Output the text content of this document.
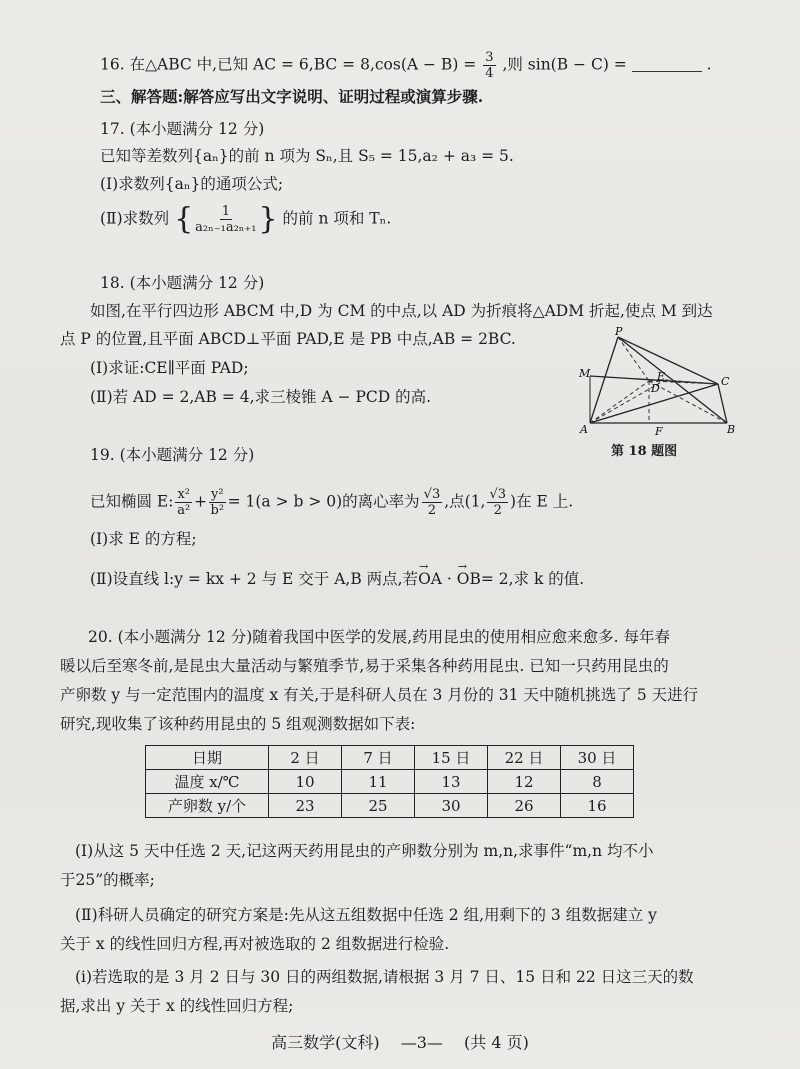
16. 在△ABC 中,已知 AC = $6,BC = 8,\cos(A - B) = \frac{3}{4}$ ,则 sin(B − C) =	.
三、解答题:解答应写出文字说明、证明过程或演算步骤.
17. (本小题满分 12 分)
已知等差数列{aₙ}的前 n 项为 Sₙ,且 S₅ = 15,a₂ + a₃ = 5.
(Ⅰ)求数列{aₙ}的通项公式;
(Ⅱ)求数列 { $\frac{1}{\text{a₂ₙ₋₁a₂ₙ₊₁}}$ } 的前 n 项和 Tₙ.
18. (本小题满分 12 分)
如图,在平行四边形 ABCM 中,D 为 CM 的中点,以 AD 为折痕将△ADM 折起,使点 M 到达
点 P 的位置,且平面 ABCD⊥平面 PAD,E 是 PB 中点,AB = 2BC.
(Ⅰ)求证:CE∥平面 PAD;
(Ⅱ)若 AD = 2,AB = 4,求三棱锥 A − PCD 的高.
P
M	E
D
C
A	B
F
第 18 题图
19. (本小题满分 12 分)
已知椭圆 E: $\frac{\text{x²}}{\text{a²}} + \frac{\text{y²}}{\text{b²}} = 1(a > b > 0)$的离心率为 $\frac{√3}{2}$ ,点(1, $\frac{√3}{2}$ )在 E 上.
(Ⅰ)求 E 的方程;
(Ⅱ)设直线 l:y = kx + 2 与 E 交于 A,B 两点,若→ OA · → OB= 2,求 k 的值.
20. (本小题满分 12 分)随着我国中医学的发展,药用昆虫的使用相应愈来愈多. 每年春
暖以后至寒冬前,是昆虫大量活动与繁殖季节,易于采集各种药用昆虫. 已知一只药用昆虫的
产卵数 y 与一定范围内的温度 x 有关,于是科研人员在 3 月份的 31 天中随机挑选了 5 天进行
研究,现收集了该种药用昆虫的 5 组观测数据如下表:
日期	2 日	7 日	15 日	22 日	30 日
温度 x/℃	10	11	13	12	8
产卵数 y/个	23	25	30	26	16
(Ⅰ)从这 5 天中任选 2 天,记这两天药用昆虫的产卵数分别为 m,n,求事件“m,n 均不小
于25”的概率;
(Ⅱ)科研人员确定的研究方案是:先从这五组数据中任选 2 组,用剩下的 3 组数据建立 y
关于 x 的线性回归方程,再对被选取的 2 组数据进行检验.
(i)若选取的是 3 月 2 日与 30 日的两组数据,请根据 3 月 7 日、15 日和 22 日这三天的数
据,求出 y 关于 x 的线性回归方程;
高三数学(文科) —3— (共 4 页)
